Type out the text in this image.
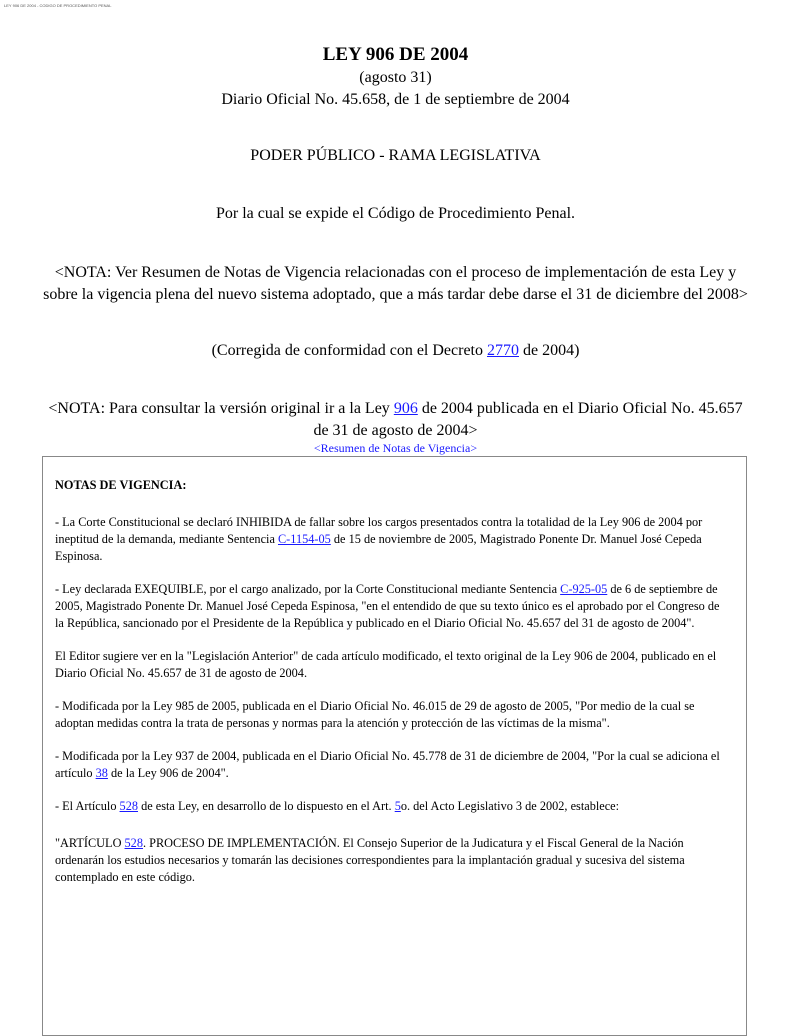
LEY 906 DE 2004 - CODIGO DE PROCEDIMIENTO PENAL
LEY 906 DE 2004
(agosto 31)
Diario Oficial No. 45.658, de 1 de septiembre de 2004
PODER PÚBLICO - RAMA LEGISLATIVA
Por la cual se expide el Código de Procedimiento Penal.
<NOTA: Ver Resumen de Notas de Vigencia relacionadas con el proceso de implementación de esta Ley y sobre la vigencia plena del nuevo sistema adoptado, que a más tardar debe darse el 31 de diciembre del 2008>
(Corregida de conformidad con el Decreto 2770 de 2004)
<NOTA: Para consultar la versión original ir a la Ley 906 de 2004 publicada en el Diario Oficial No. 45.657 de 31 de agosto de 2004>
<Resumen de Notas de Vigencia>

NOTAS DE VIGENCIA:

- La Corte Constitucional se declaró INHIBIDA de fallar sobre los cargos presentados contra la totalidad de la Ley 906 de 2004 por ineptitud de la demanda, mediante Sentencia C-1154-05 de 15 de noviembre de 2005, Magistrado Ponente Dr. Manuel José Cepeda Espinosa.

- Ley declarada EXEQUIBLE, por el cargo analizado, por la Corte Constitucional mediante Sentencia C-925-05 de 6 de septiembre de 2005, Magistrado Ponente Dr. Manuel José Cepeda Espinosa, "en el entendido de que su texto único es el aprobado por el Congreso de la República, sancionado por el Presidente de la República y publicado en el Diario Oficial No. 45.657 del 31 de agosto de 2004".

El Editor sugiere ver en la "Legislación Anterior" de cada artículo modificado, el texto original de la Ley 906 de 2004, publicado en el Diario Oficial No. 45.657 de 31 de agosto de 2004.

- Modificada por la Ley 985 de 2005, publicada en el Diario Oficial No. 46.015 de 29 de agosto de 2005, "Por medio de la cual se adoptan medidas contra la trata de personas y normas para la atención y protección de las víctimas de la misma".

- Modificada por la Ley 937 de 2004, publicada en el Diario Oficial No. 45.778 de 31 de diciembre de 2004, "Por la cual se adiciona el artículo 38 de la Ley 906 de 2004".

- El Artículo 528 de esta Ley, en desarrollo de lo dispuesto en el Art. 5o. del Acto Legislativo 3 de 2002, establece:

"ARTÍCULO 528. PROCESO DE IMPLEMENTACIÓN. El Consejo Superior de la Judicatura y el Fiscal General de la Nación ordenarán los estudios necesarios y tomarán las decisiones correspondientes para la implantación gradual y sucesiva del sistema contemplado en este código.
